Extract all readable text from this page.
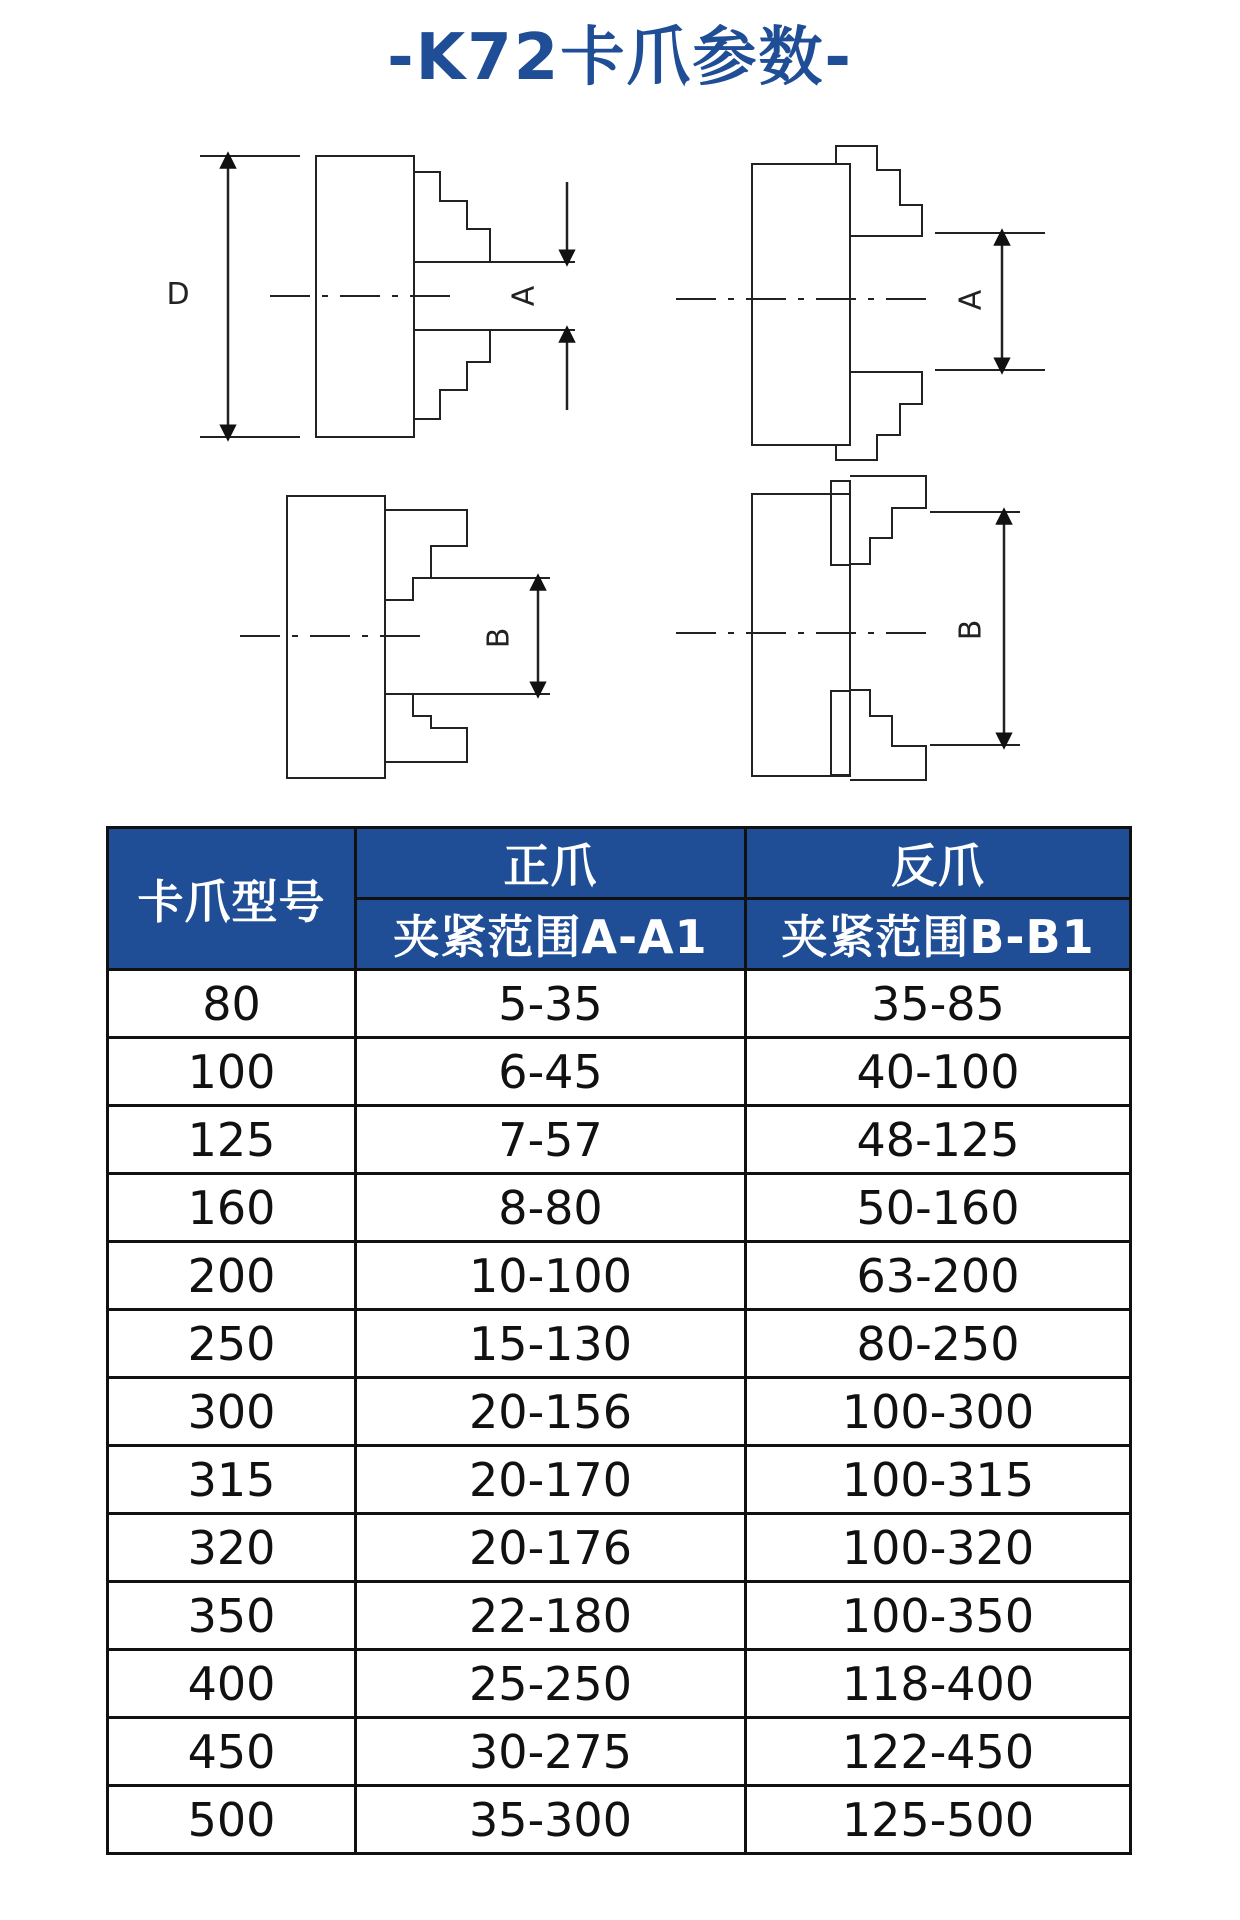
-K72卡爪参数-
D	A	A
B	B
卡爪型号	正爪	反爪
	夹紧范围A-A1	夹紧范围B-B1
80	5-35	35-85
100	6-45	40-100
125	7-57	48-125
160	8-80	50-160
200	10-100	63-200
250	15-130	80-250
300	20-156	100-300
315	20-170	100-315
320	20-176	100-320
350	22-180	100-350
400	25-250	118-400
450	30-275	122-450
500	35-300	125-500
